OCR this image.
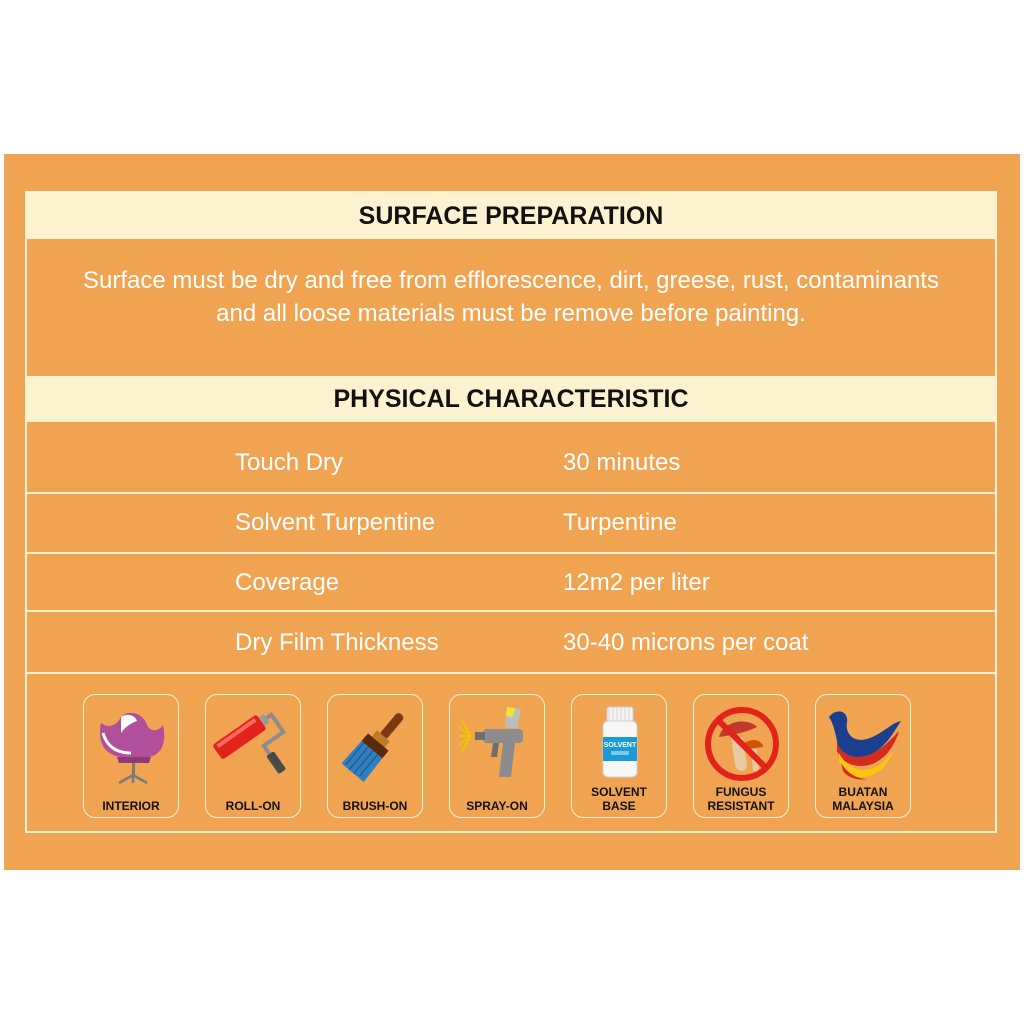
SURFACE PREPARATION
Surface must be dry and free from efflorescence, dirt, greese, rust, contaminants
and all loose materials must be remove before painting.
PHYSICAL CHARACTERISTIC
Touch Dry	30 minutes
Solvent Turpentine	Turpentine
Coverage	12m2 per liter
Dry Film Thickness	30-40 microns per coat
INTERIOR	ROLL-ON	BRUSH-ON	SPRAY-ON
SOLVENT
SOLVENT
BASE
FUNGUS
RESISTANT
BUATAN
MALAYSIA
